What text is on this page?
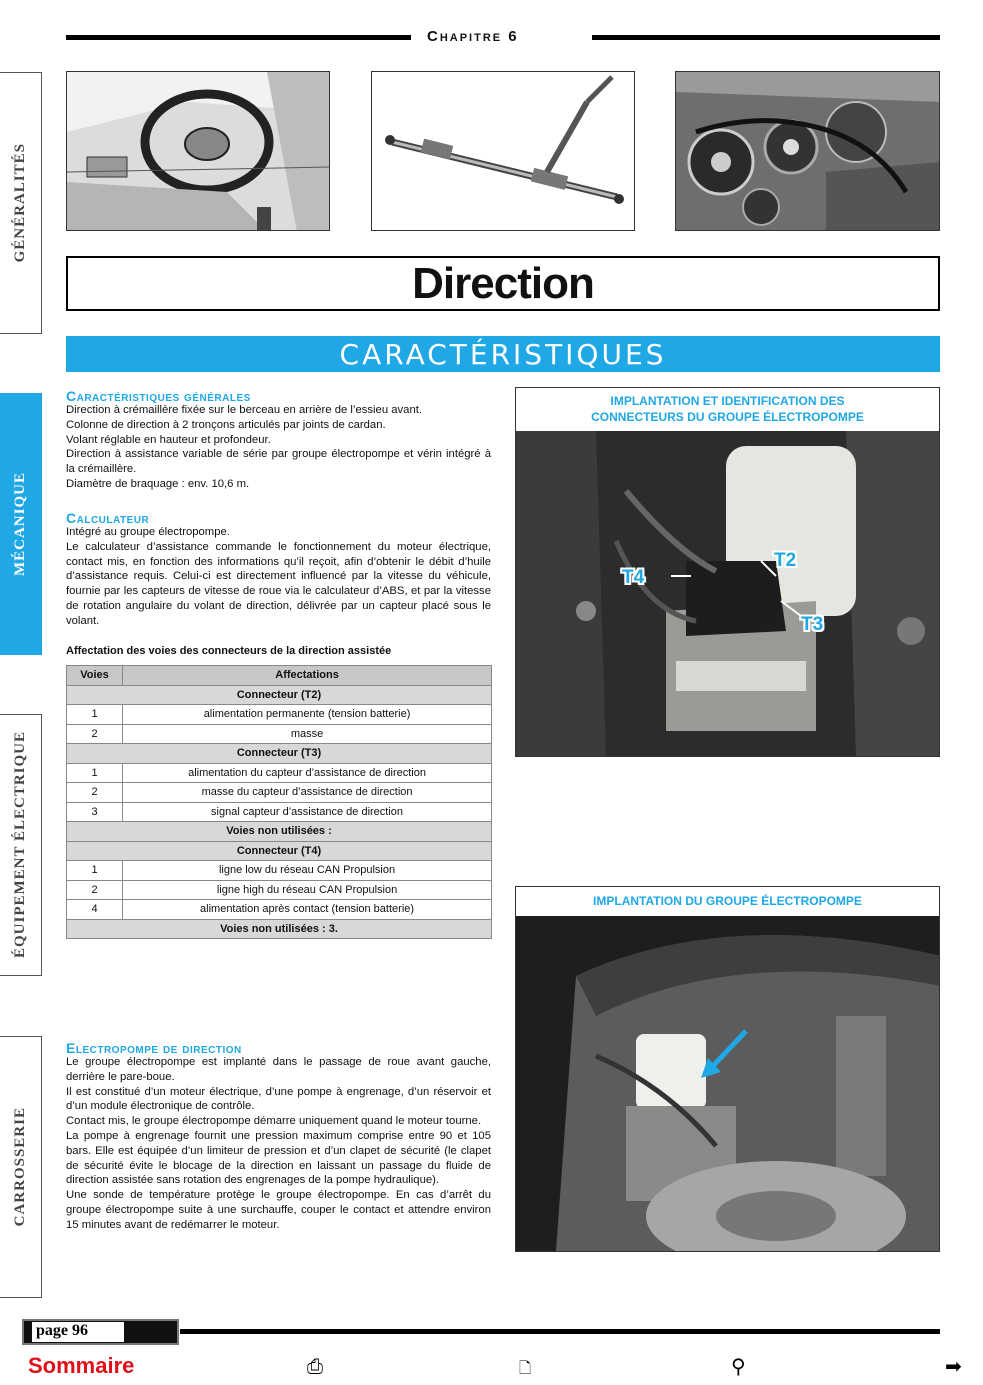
Chapitre 6
GÉNÉRALITÉS
MÉCANIQUE
ÉQUIPEMENT ÉLECTRIQUE
CARROSSERIE
Direction
CARACTÉRISTIQUES
Caractéristiques générales

Direction à crémaillère fixée sur le berceau en arrière de l’essieu avant.

Colonne de direction à 2 tronçons articulés par joints de cardan.

Volant réglable en hauteur et profondeur.

Direction à assistance variable de série par groupe électropompe et vérin intégré à la crémaillère.

Diamètre de braquage : env. 10,6 m.

Calculateur

Intégré au groupe électropompe.

Le calculateur d’assistance commande le fonctionnement du moteur électrique, contact mis, en fonction des informations qu’il reçoit, afin d’obtenir le débit d’huile d’assistance requis. Celui-ci est directement influencé par la vitesse du véhicule, fournie par les capteurs de vitesse de roue via le calculateur d’ABS, et par la vitesse de rotation angulaire du volant de direction, délivrée par un capteur placé sous le volant.

Affectation des voies des connecteurs de la direction assistée
Voies	Affectations
Connecteur (T2)	
1	alimentation permanente (tension batterie)
2	masse
Connecteur (T3)	
1	alimentation du capteur d’assistance de direction
2	masse du capteur d’assistance de direction
3	signal capteur d’assistance de direction
Voies non utilisées :	
Connecteur (T4)	
1	ligne low du réseau CAN Propulsion
2	ligne high du réseau CAN Propulsion
4	alimentation après contact (tension batterie)
Voies non utilisées : 3.	
Electropompe de direction

Le groupe électropompe est implanté dans le passage de roue avant gauche, derrière le pare-boue.

Il est constitué d’un moteur électrique, d’une pompe à engrenage, d’un réservoir et d’un module électronique de contrôle.

Contact mis, le groupe électropompe démarre uniquement quand le moteur tourne.

La pompe à engrenage fournit une pression maximum comprise entre 90 et 105 bars. Elle est équipée d’un limiteur de pression et d’un clapet de sécurité (le clapet de sécurité évite le blocage de la direction en laissant un passage du fluide de direction assistée sans rotation des engrenages de la pompe hydraulique).

Une sonde de température protège le groupe électropompe. En cas d’arrêt du groupe électropompe suite à une surchauffe, couper le contact et attendre environ 15 minutes avant de redémarrer le moteur.

IMPLANTATION ET IDENTIFICATION DES CONNECTEURS DU GROUPE ÉLECTROPOMPE
T4
T2
T3
IMPLANTATION DU GROUPE ÉLECTROPOMPE
page 96
Sommaire	⎙	🗋	⚲	➡
